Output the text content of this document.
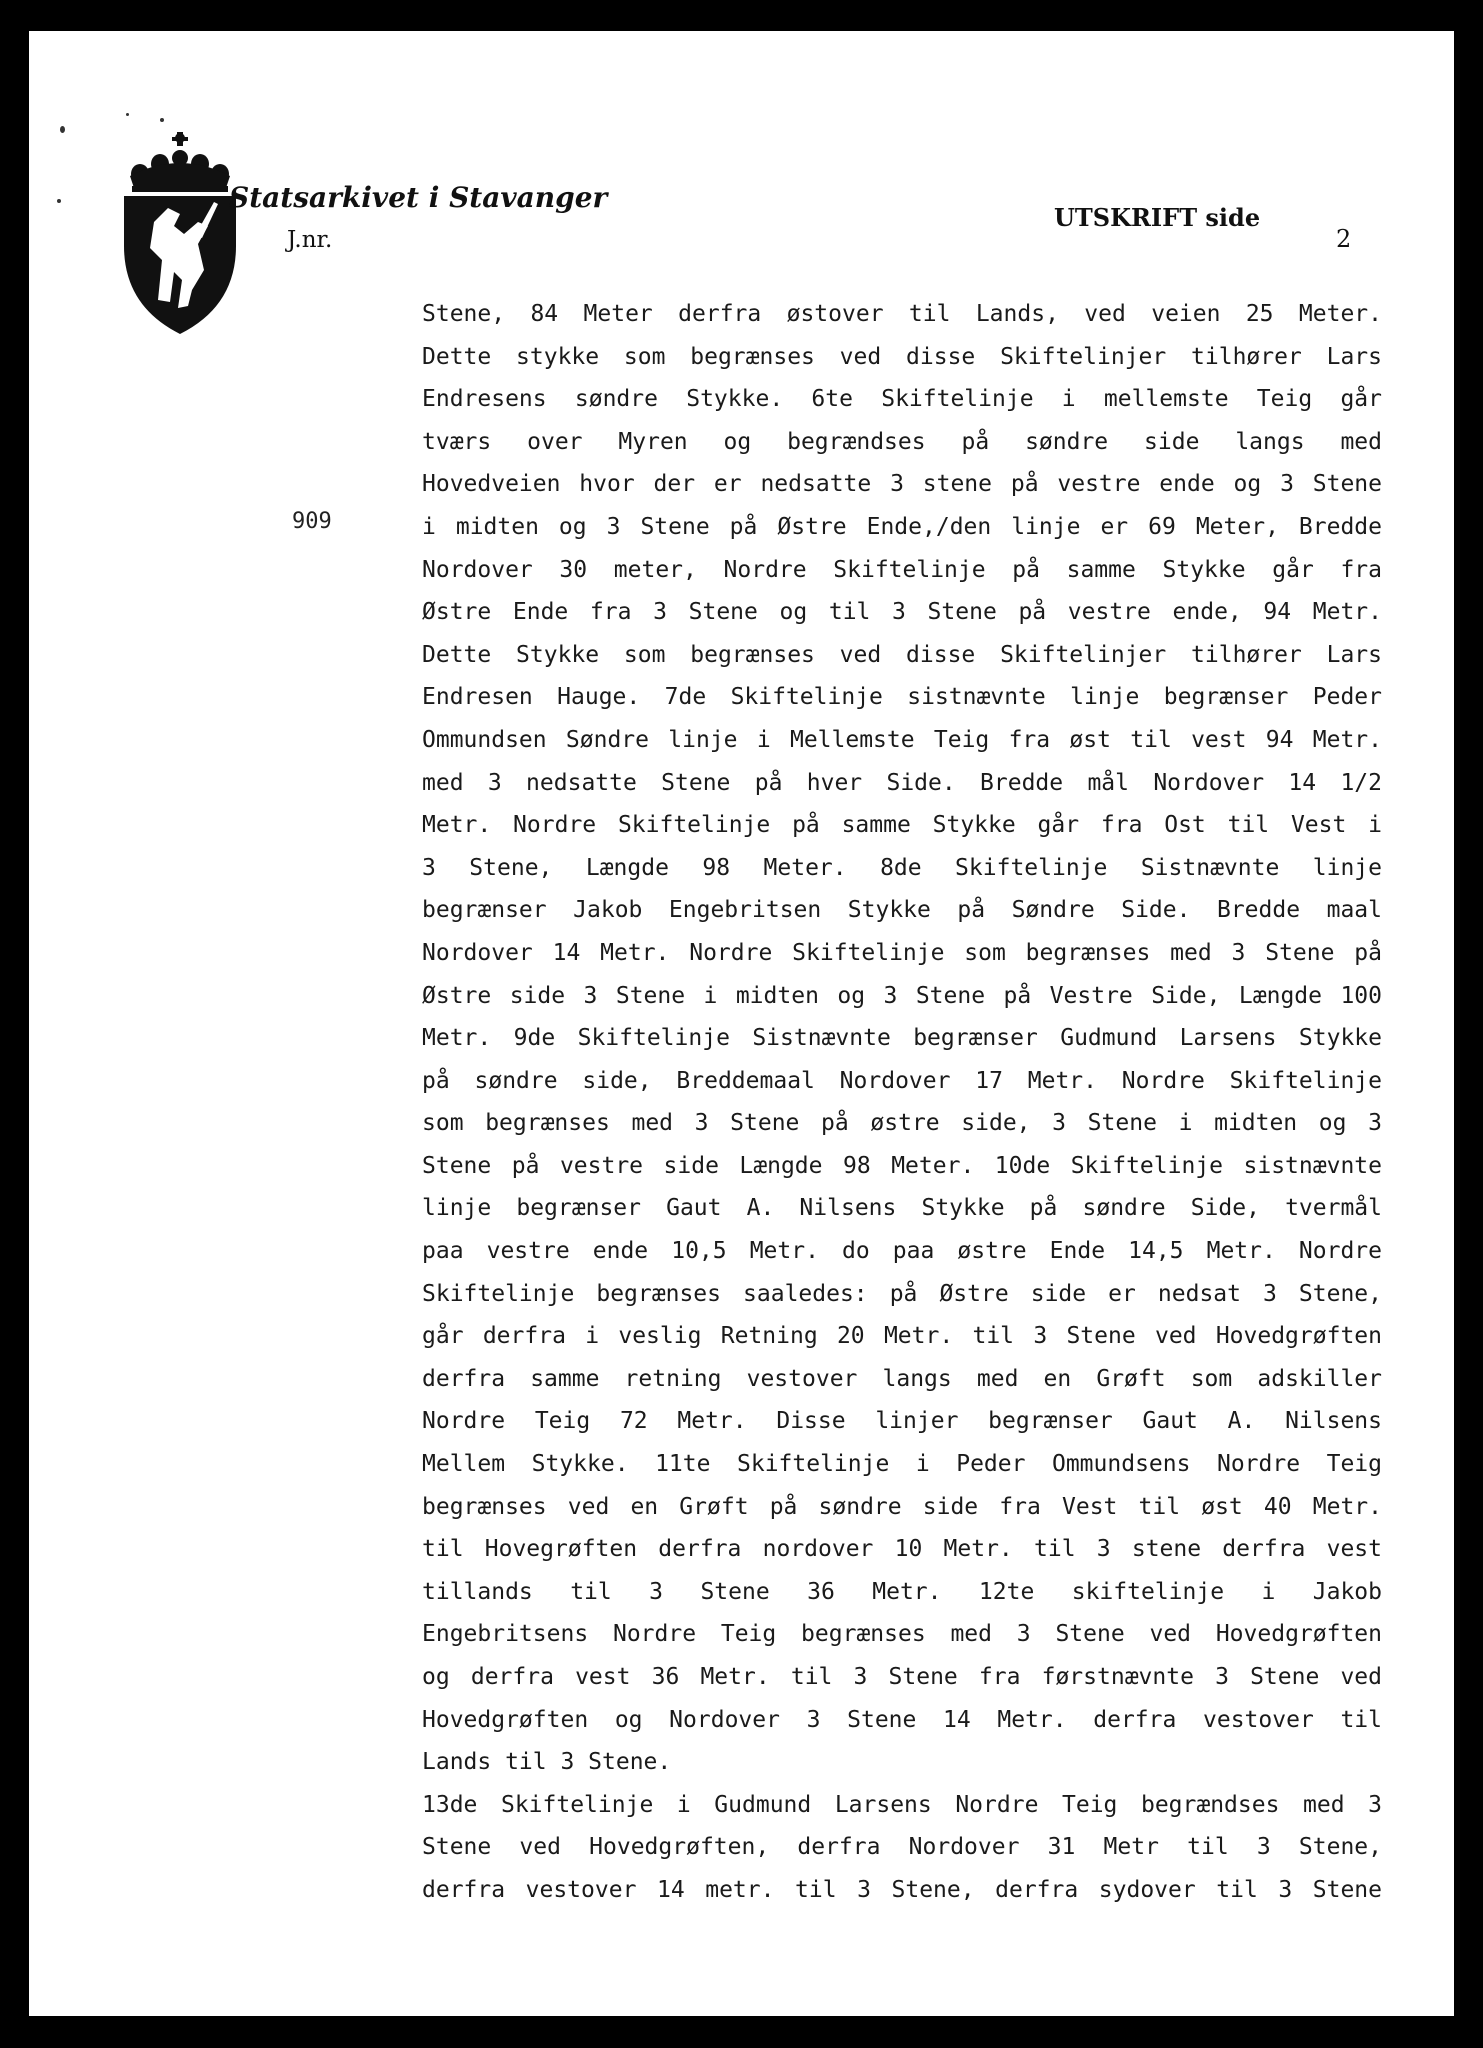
Statsarkivet i Stavanger
J.nr.
UTSKRIFT side
2
909
Stene, 84 Meter derfra østover til Lands, ved veien 25 Meter.
Dette stykke som begrænses ved disse Skiftelinjer tilhører Lars
Endresens søndre Stykke. 6te Skiftelinje i mellemste Teig går
tværs over Myren og begrændses på søndre side langs med
Hovedveien hvor der er nedsatte 3 stene på vestre ende og 3 Stene
i midten og 3 Stene på Østre Ende,/den linje er 69 Meter, Bredde
Nordover 30 meter, Nordre Skiftelinje på samme Stykke går fra
Østre Ende fra 3 Stene og til 3 Stene på vestre ende, 94 Metr.
Dette Stykke som begrænses ved disse Skiftelinjer tilhører Lars
Endresen Hauge. 7de Skiftelinje sistnævnte linje begrænser Peder
Ommundsen Søndre linje i Mellemste Teig fra øst til vest 94 Metr.
med 3 nedsatte Stene på hver Side. Bredde mål Nordover 14 1/2
Metr. Nordre Skiftelinje på samme Stykke går fra Ost til Vest i
3 Stene, Længde 98 Meter. 8de Skiftelinje Sistnævnte linje
begrænser Jakob Engebritsen Stykke på Søndre Side. Bredde maal
Nordover 14 Metr. Nordre Skiftelinje som begrænses med 3 Stene på
Østre side 3 Stene i midten og 3 Stene på Vestre Side, Længde 100
Metr. 9de Skiftelinje Sistnævnte begrænser Gudmund Larsens Stykke
på søndre side, Breddemaal Nordover 17 Metr. Nordre Skiftelinje
som begrænses med 3 Stene på østre side, 3 Stene i midten og 3
Stene på vestre side Længde 98 Meter. 10de Skiftelinje sistnævnte
linje begrænser Gaut A. Nilsens Stykke på søndre Side, tvermål
paa vestre ende 10,5 Metr. do paa østre Ende 14,5 Metr. Nordre
Skiftelinje begrænses saaledes: på Østre side er nedsat 3 Stene,
går derfra i veslig Retning 20 Metr. til 3 Stene ved Hovedgrøften
derfra samme retning vestover langs med en Grøft som adskiller
Nordre Teig 72 Metr. Disse linjer begrænser Gaut A. Nilsens
Mellem Stykke. 11te Skiftelinje i Peder Ommundsens Nordre Teig
begrænses ved en Grøft på søndre side fra Vest til øst 40 Metr.
til Hovegrøften derfra nordover 10 Metr. til 3 stene derfra vest
tillands til 3 Stene 36 Metr. 12te skiftelinje i Jakob
Engebritsens Nordre Teig begrænses med 3 Stene ved Hovedgrøften
og derfra vest 36 Metr. til 3 Stene fra førstnævnte 3 Stene ved
Hovedgrøften og Nordover 3 Stene 14 Metr. derfra vestover til
Lands til 3 Stene.
13de Skiftelinje i Gudmund Larsens Nordre Teig begrændses med 3
Stene ved Hovedgrøften, derfra Nordover 31 Metr til 3 Stene,
derfra vestover 14 metr. til 3 Stene, derfra sydover til 3 Stene
